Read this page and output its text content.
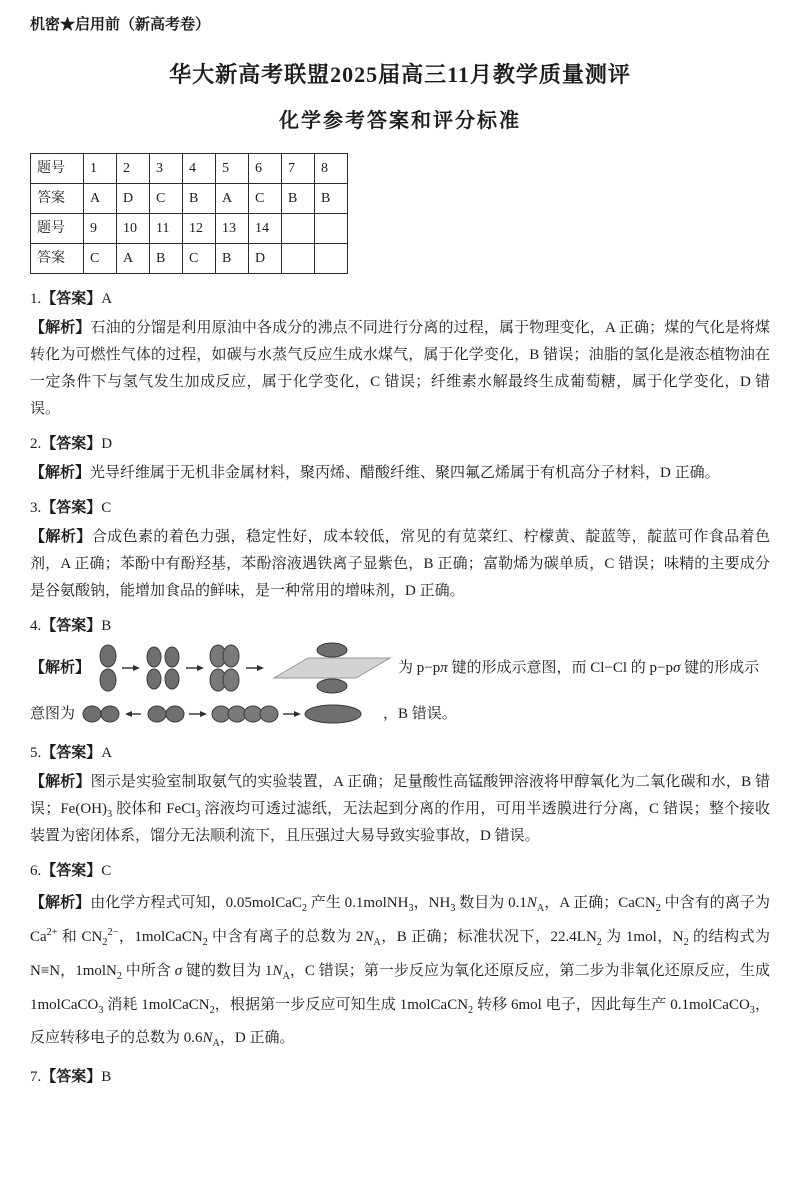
机密★启用前（新高考卷）

华大新高考联盟2025届高三11月教学质量测评
化学参考答案和评分标准
题号	1	2	3	4	5	6	7	8
答案	A	D	C	B	A	C	B	B
题号	9	10	11	12	13	14		
答案	C	A	B	C	B	D		

1.【答案】A

【解析】石油的分馏是利用原油中各成分的沸点不同进行分离的过程，属于物理变化，A 正确；煤的气化是将煤转化为可燃性气体的过程，如碳与水蒸气反应生成水煤气，属于化学变化，B 错误；油脂的氢化是液态植物油在一定条件下与氢气发生加成反应，属于化学变化，C 错误；纤维素水解最终生成葡萄糖，属于化学变化，D 错误。

2.【答案】D

【解析】光导纤维属于无机非金属材料，聚丙烯、醋酸纤维、聚四氟乙烯属于有机高分子材料，D 正确。

3.【答案】C

【解析】合成色素的着色力强，稳定性好，成本较低，常见的有苋菜红、柠檬黄、靛蓝等，靛蓝可作食品着色剂，A 正确；苯酚中有酚羟基，苯酚溶液遇铁离子显紫色，B 正确；富勒烯为碳单质，C 错误；味精的主要成分是谷氨酸钠，能增加食品的鲜味，是一种常用的增味剂，D 正确。

4.【答案】B

【解析】	为 p−pπ 键的形成示意图，而 Cl−Cl 的 p−pσ 键的形成示
意图为	，B 错误。

5.【答案】A

【解析】图示是实验室制取氨气的实验装置，A 正确；足量酸性高锰酸钾溶液将甲醇氧化为二氧化碳和水，B 错误；$Fe(OH)_3$ 胶体和 FeCl$_3$ 溶液均可透过滤纸，无法起到分离的作用，可用半透膜进行分离，C 错误；整个接收装置为密闭体系，馏分无法顺利流下，且压强过大易导致实验事故，D 错误。

6.【答案】C

【解析】由化学方程式可知，0.05molCaC$_2$ 产生 0.1molNH$_3$，$NH_3$ 数目为 $0.1N_A$，A 正确；CaCN$_2$ 中含有的离子为 $Ca^{2+}$ 和 $CN_2^{2-}$，1molCaCN$_2$ 中含有离子的总数为 $2N_A$，B 正确；标准状况下，$22.4LN_2$ 为 1mol，$N_2$ 的结构式为 N≡N，1molN$_2$ 中所含 σ 键的数目为 $1N_A$，C 错误；第一步反应为氧化还原反应，第二步为非氧化还原反应，生成 1molCaCO$_3$ 消耗 1molCaCN$_2$，根据第一步反应可知生成 1molCaCN$_2$ 转移 6mol 电子，因此每生产 0.1molCaCO$_3$，反应转移电子的总数为 $0.6N_A$，D 正确。

7.【答案】B
